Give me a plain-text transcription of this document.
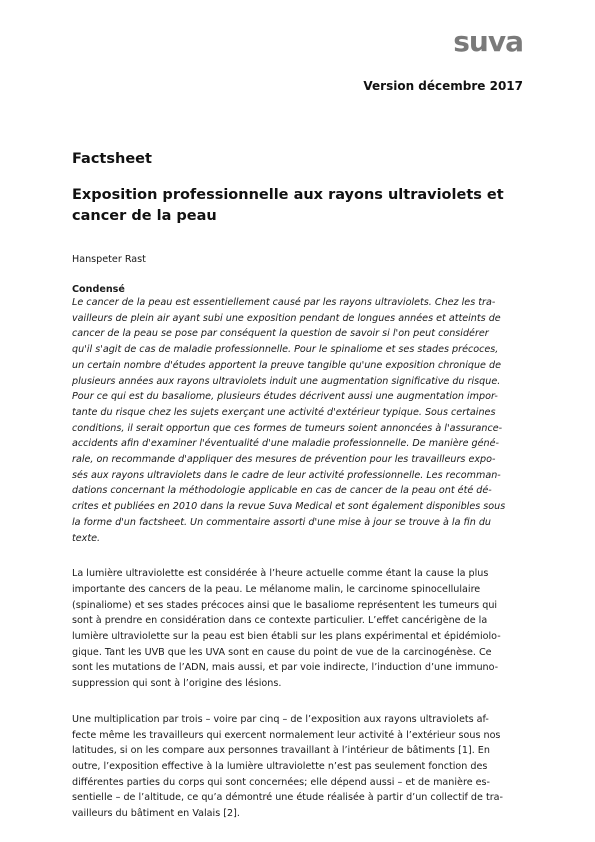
suva
Version décembre 2017
Factsheet
Exposition professionnelle aux rayons ultraviolets et
cancer de la peau
Hanspeter Rast
Condensé

Le cancer de la peau est essentiellement causé par les rayons ultraviolets. Chez les tra-
vailleurs de plein air ayant subi une exposition pendant de longues années et atteints de
cancer de la peau se pose par conséquent la question de savoir si l'on peut considérer
qu'il s'agit de cas de maladie professionnelle. Pour le spinaliome et ses stades précoces,
un certain nombre d'études apportent la preuve tangible qu'une exposition chronique de
plusieurs années aux rayons ultraviolets induit une augmentation significative du risque.
Pour ce qui est du basaliome, plusieurs études décrivent aussi une augmentation impor-
tante du risque chez les sujets exerçant une activité d'extérieur typique. Sous certaines
conditions, il serait opportun que ces formes de tumeurs soient annoncées à l'assurance-
accidents afin d'examiner l'éventualité d'une maladie professionnelle. De manière géné-
rale, on recommande d'appliquer des mesures de prévention pour les travailleurs expo-
sés aux rayons ultraviolets dans le cadre de leur activité professionnelle. Les recomman-
dations concernant la méthodologie applicable en cas de cancer de la peau ont été dé-
crites et publiées en 2010 dans la revue Suva Medical et sont également disponibles sous
la forme d'un factsheet. Un commentaire assorti d'une mise à jour se trouve à la fin du
texte.

La lumière ultraviolette est considérée à l’heure actuelle comme étant la cause la plus
importante des cancers de la peau. Le mélanome malin, le carcinome spinocellulaire
(spinaliome) et ses stades précoces ainsi que le basaliome représentent les tumeurs qui
sont à prendre en considération dans ce contexte particulier. L’effet cancérigène de la
lumière ultraviolette sur la peau est bien établi sur les plans expérimental et épidémiolo-
gique. Tant les UVB que les UVA sont en cause du point de vue de la carcinogénèse. Ce
sont les mutations de l’ADN, mais aussi, et par voie indirecte, l’induction d’une immuno-
suppression qui sont à l’origine des lésions.

Une multiplication par trois – voire par cinq – de l’exposition aux rayons ultraviolets af-
fecte même les travailleurs qui exercent normalement leur activité à l’extérieur sous nos
latitudes, si on les compare aux personnes travaillant à l’intérieur de bâtiments [1]. En
outre, l’exposition effective à la lumière ultraviolette n’est pas seulement fonction des
différentes parties du corps qui sont concernées; elle dépend aussi – et de manière es-
sentielle – de l’altitude, ce qu’a démontré une étude réalisée à partir d’un collectif de tra-
vailleurs du bâtiment en Valais [2].
